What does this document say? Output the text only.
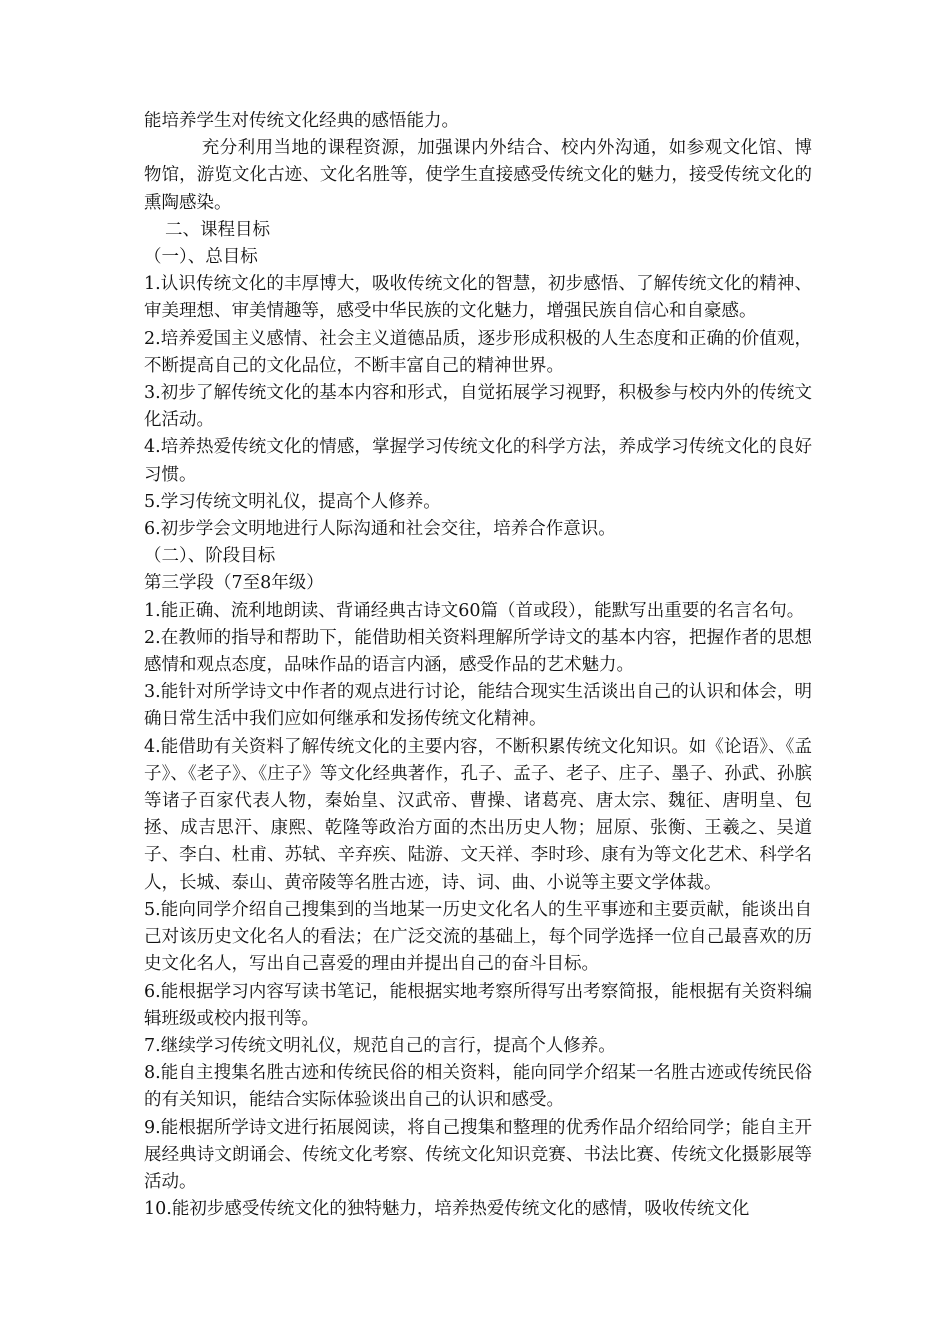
能培养学生对传统文化经典的感悟能力。

充分利用当地的课程资源，加强课内外结合、校内外沟通，如参观文化馆、博物馆，游览文化古迹、文化名胜等，使学生直接感受传统文化的魅力，接受传统文化的熏陶感染。

二、课程目标

（一）、总目标

1.认识传统文化的丰厚博大，吸收传统文化的智慧，初步感悟、了解传统文化的精神、审美理想、审美情趣等，感受中华民族的文化魅力，增强民族自信心和自豪感。

2.培养爱国主义感情、社会主义道德品质，逐步形成积极的人生态度和正确的价值观，不断提高自己的文化品位，不断丰富自己的精神世界。

3.初步了解传统文化的基本内容和形式，自觉拓展学习视野，积极参与校内外的传统文化活动。

4.培养热爱传统文化的情感，掌握学习传统文化的科学方法，养成学习传统文化的良好习惯。

5.学习传统文明礼仪，提高个人修养。

6.初步学会文明地进行人际沟通和社会交往，培养合作意识。

（二）、阶段目标

第三学段（7至8年级）

1.能正确、流利地朗读、背诵经典古诗文60篇（首或段），能默写出重要的名言名句。

2.在教师的指导和帮助下，能借助相关资料理解所学诗文的基本内容，把握作者的思想感情和观点态度，品味作品的语言内涵，感受作品的艺术魅力。

3.能针对所学诗文中作者的观点进行讨论，能结合现实生活谈出自己的认识和体会，明确日常生活中我们应如何继承和发扬传统文化精神。

4.能借助有关资料了解传统文化的主要内容，不断积累传统文化知识。如《论语》、《孟子》、《老子》、《庄子》等文化经典著作，孔子、孟子、老子、庄子、墨子、孙武、孙膑等诸子百家代表人物，秦始皇、汉武帝、曹操、诸葛亮、唐太宗、魏征、唐明皇、包拯、成吉思汗、康熙、乾隆等政治方面的杰出历史人物；屈原、张衡、王羲之、吴道子、李白、杜甫、苏轼、辛弃疾、陆游、文天祥、李时珍、康有为等文化艺术、科学名人，长城、泰山、黄帝陵等名胜古迹，诗、词、曲、小说等主要文学体裁。

5.能向同学介绍自己搜集到的当地某一历史文化名人的生平事迹和主要贡献，能谈出自己对该历史文化名人的看法；在广泛交流的基础上，每个同学选择一位自己最喜欢的历史文化名人，写出自己喜爱的理由并提出自己的奋斗目标。

6.能根据学习内容写读书笔记，能根据实地考察所得写出考察简报，能根据有关资料编辑班级或校内报刊等。

7.继续学习传统文明礼仪，规范自己的言行，提高个人修养。

8.能自主搜集名胜古迹和传统民俗的相关资料，能向同学介绍某一名胜古迹或传统民俗的有关知识，能结合实际体验谈出自己的认识和感受。

9.能根据所学诗文进行拓展阅读，将自己搜集和整理的优秀作品介绍给同学；能自主开展经典诗文朗诵会、传统文化考察、传统文化知识竞赛、书法比赛、传统文化摄影展等活动。

10.能初步感受传统文化的独特魅力，培养热爱传统文化的感情，吸收传统文化
